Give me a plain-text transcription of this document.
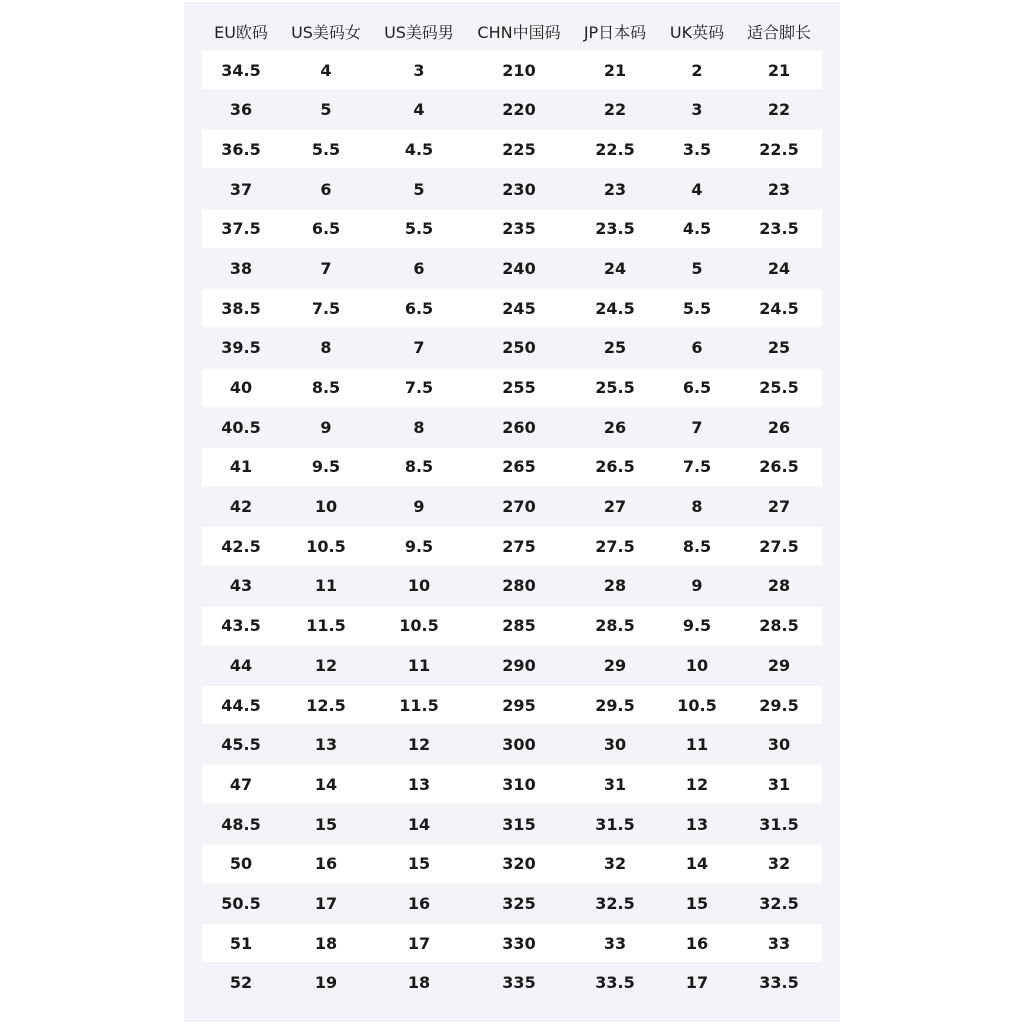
EU欧码	US美码女	US美码男	CHN中国码	JP日本码	UK英码	适合脚长
34.5	4	3	210	21	2	21
36	5	4	220	22	3	22
36.5	5.5	4.5	225	22.5	3.5	22.5
37	6	5	230	23	4	23
37.5	6.5	5.5	235	23.5	4.5	23.5
38	7	6	240	24	5	24
38.5	7.5	6.5	245	24.5	5.5	24.5
39.5	8	7	250	25	6	25
40	8.5	7.5	255	25.5	6.5	25.5
40.5	9	8	260	26	7	26
41	9.5	8.5	265	26.5	7.5	26.5
42	10	9	270	27	8	27
42.5	10.5	9.5	275	27.5	8.5	27.5
43	11	10	280	28	9	28
43.5	11.5	10.5	285	28.5	9.5	28.5
44	12	11	290	29	10	29
44.5	12.5	11.5	295	29.5	10.5	29.5
45.5	13	12	300	30	11	30
47	14	13	310	31	12	31
48.5	15	14	315	31.5	13	31.5
50	16	15	320	32	14	32
50.5	17	16	325	32.5	15	32.5
51	18	17	330	33	16	33
52	19	18	335	33.5	17	33.5
